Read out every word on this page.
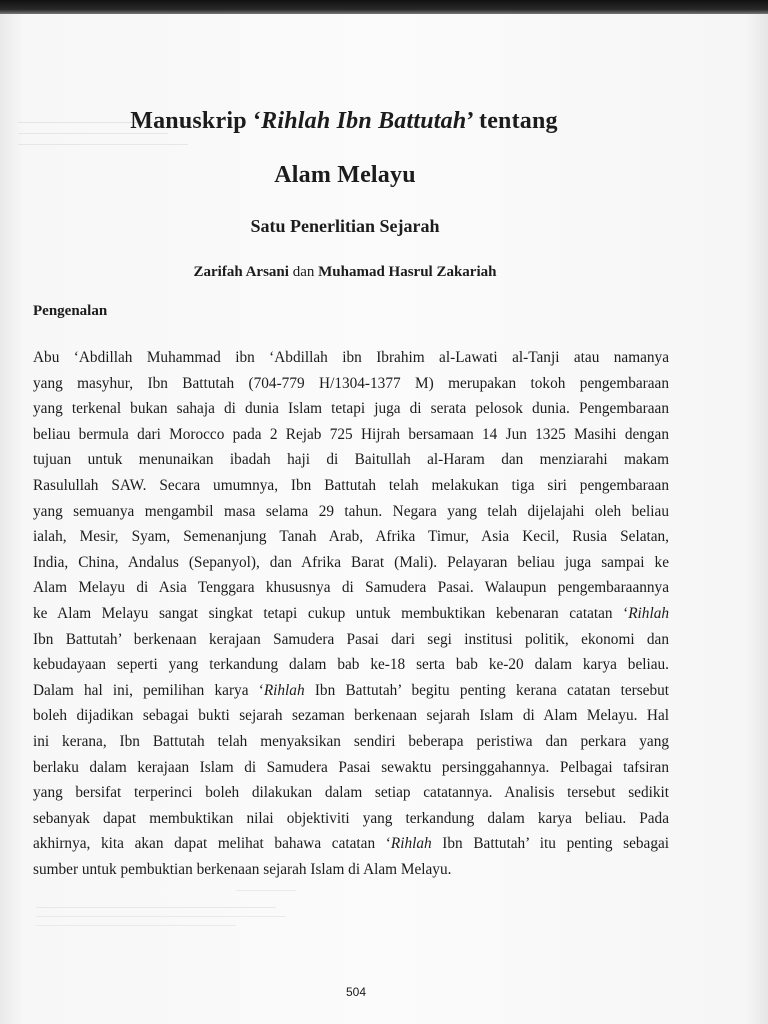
Manuskrip ‘Rihlah Ibn Battutah’ tentang
Alam Melayu
Satu Penerlitian Sejarah
Zarifah Arsani dan Muhamad Hasrul Zakariah
Pengenalan
Abu ‘Abdillah Muhammad ibn ‘Abdillah ibn Ibrahim al-Lawati al-Tanji atau namanya
yang masyhur, Ibn Battutah (704-779 H/1304-1377 M) merupakan tokoh pengembaraan
yang terkenal bukan sahaja di dunia Islam tetapi juga di serata pelosok dunia. Pengembaraan
beliau bermula dari Morocco pada 2 Rejab 725 Hijrah bersamaan 14 Jun 1325 Masihi dengan
tujuan untuk menunaikan ibadah haji di Baitullah al-Haram dan menziarahi makam
Rasulullah SAW. Secara umumnya, Ibn Battutah telah melakukan tiga siri pengembaraan
yang semuanya mengambil masa selama 29 tahun. Negara yang telah dijelajahi oleh beliau
ialah, Mesir, Syam, Semenanjung Tanah Arab, Afrika Timur, Asia Kecil, Rusia Selatan,
India, China, Andalus (Sepanyol), dan Afrika Barat (Mali). Pelayaran beliau juga sampai ke
Alam Melayu di Asia Tenggara khususnya di Samudera Pasai. Walaupun pengembaraannya
ke Alam Melayu sangat singkat tetapi cukup untuk membuktikan kebenaran catatan ‘Rihlah
Ibn Battutah’ berkenaan kerajaan Samudera Pasai dari segi institusi politik, ekonomi dan
kebudayaan seperti yang terkandung dalam bab ke-18 serta bab ke-20 dalam karya beliau.
Dalam hal ini, pemilihan karya ‘Rihlah Ibn Battutah’ begitu penting kerana catatan tersebut
boleh dijadikan sebagai bukti sejarah sezaman berkenaan sejarah Islam di Alam Melayu. Hal
ini kerana, Ibn Battutah telah menyaksikan sendiri beberapa peristiwa dan perkara yang
berlaku dalam kerajaan Islam di Samudera Pasai sewaktu persinggahannya. Pelbagai tafsiran
yang bersifat terperinci boleh dilakukan dalam setiap catatannya. Analisis tersebut sedikit
sebanyak dapat membuktikan nilai objektiviti yang terkandung dalam karya beliau. Pada
akhirnya, kita akan dapat melihat bahawa catatan ‘Rihlah Ibn Battutah’ itu penting sebagai
sumber untuk pembuktian berkenaan sejarah Islam di Alam Melayu.
504
